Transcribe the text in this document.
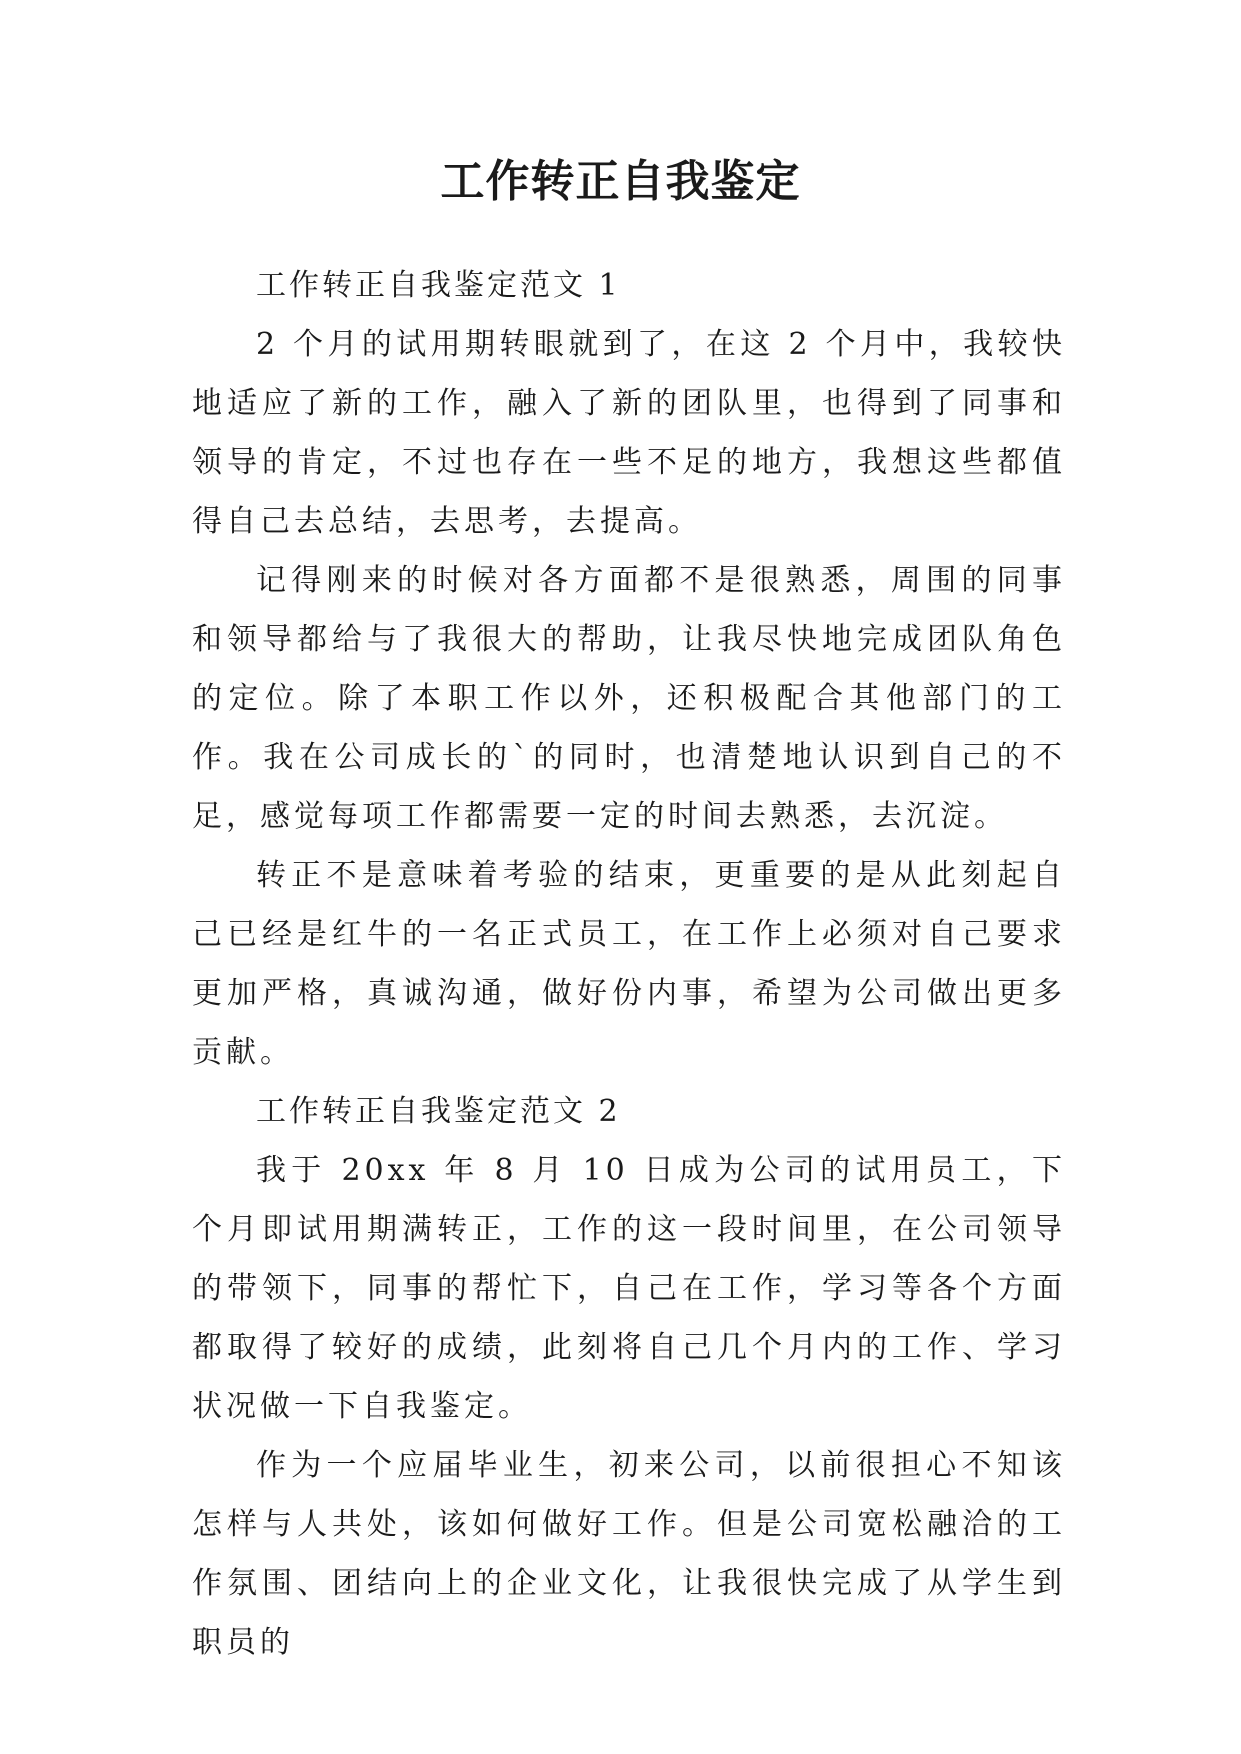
工作转正自我鉴定

工作转正自我鉴定范文 1

2 个月的试用期转眼就到了，在这 2 个月中，我较快地适应了新的工作，融入了新的团队里，也得到了同事和领导的肯定，不过也存在一些不足的地方，我想这些都值得自己去总结，去思考，去提高。

记得刚来的时候对各方面都不是很熟悉，周围的同事和领导都给与了我很大的帮助，让我尽快地完成团队角色的定位。除了本职工作以外，还积极配合其他部门的工作。我在公司成长的`的同时，也清楚地认识到自己的不足，感觉每项工作都需要一定的时间去熟悉，去沉淀。

转正不是意味着考验的结束，更重要的是从此刻起自己已经是红牛的一名正式员工，在工作上必须对自己要求更加严格，真诚沟通，做好份内事，希望为公司做出更多贡献。

工作转正自我鉴定范文 2

我于 20xx 年 8 月 10 日成为公司的试用员工，下个月即试用期满转正，工作的这一段时间里，在公司领导的带领下，同事的帮忙下，自己在工作，学习等各个方面都取得了较好的成绩，此刻将自己几个月内的工作、学习状况做一下自我鉴定。

作为一个应届毕业生，初来公司，以前很担心不知该怎样与人共处，该如何做好工作。但是公司宽松融洽的工作氛围、团结向上的企业文化，让我很快完成了从学生到职员的
